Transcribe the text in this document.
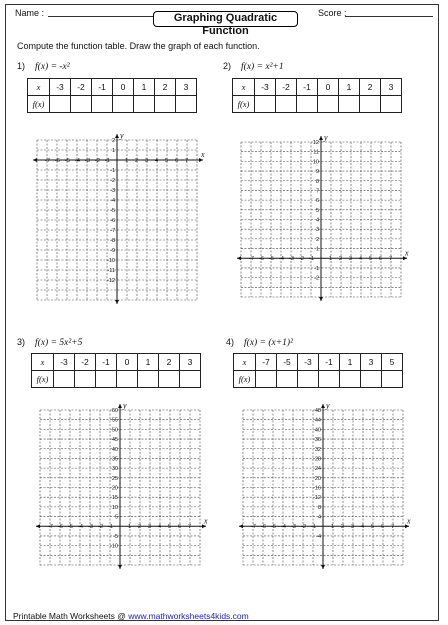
Name :	Score :
Graphing Quadratic Function
Compute the function table. Draw the graph of each function.
1) f(x) = -x²
x	-3	-2	-1	0	1	2	3
f(x)							
x
y
-7 -6 -5 -4 -3 -2 -1	1 2 3 4 5 6 7
2
1
-1
-2
-3
-4
-5
-6
-7
-8
-9
-10
-11
-12
2) f(x) = x²+1
x	-3	-2	-1	0	1	2	3
f(x)							
x
y
-7 -6 -5 -4 -3 -2 -1	1 2 3 4 5 6 7
12
11
10
9
8
7
6
5
4
3
2
1
-1
-2
3) f(x) = 5x²+5
x	-3	-2	-1	0	1	2	3
f(x)							
x
y
-7 -6 -5 -4 -3 -2 -1	1 2 3 4 5 6 7
60
55
50
45
40
35
30
25
20
15
10
5
-5
-10
4) f(x) = (x+1)²
x	-7	-5	-3	-1	1	3	5
f(x)							
x
y
-7 -6 -5 -4 -3 -2 -1	1 2 3 4 5 6 7
48
44
40
36
32
28
24
20
16
12
8
4
-4
Printable Math Worksheets @ www.mathworksheets4kids.com
